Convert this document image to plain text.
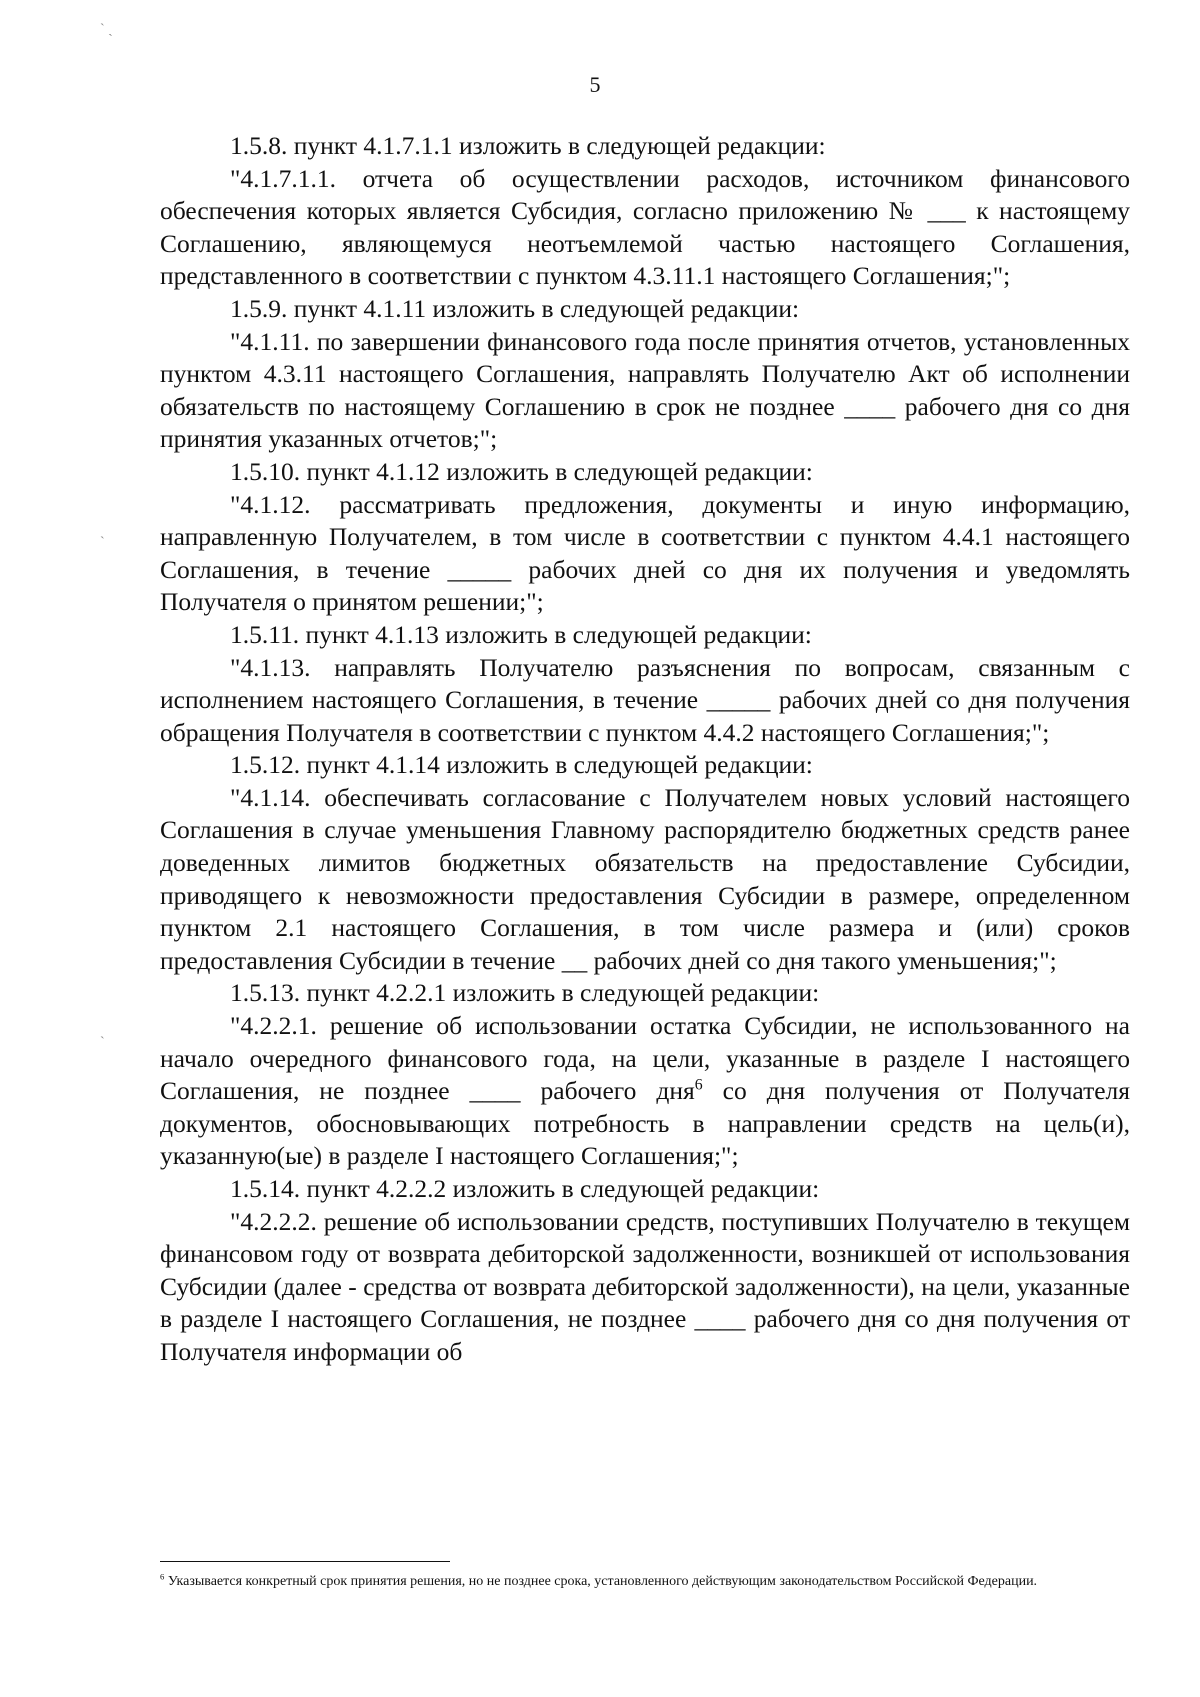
5

1.5.8. пункт 4.1.7.1.1 изложить в следующей редакции:

"4.1.7.1.1. отчета об осуществлении расходов, источником финансового обеспечения которых является Субсидия, согласно приложению № ___ к настоящему Соглашению, являющемуся неотъемлемой частью настоящего Соглашения, представленного в соответствии с пунктом 4.3.11.1 настоящего Соглашения;";

1.5.9. пункт 4.1.11 изложить в следующей редакции:

"4.1.11. по завершении финансового года после принятия отчетов, установленных пунктом 4.3.11 настоящего Соглашения, направлять Получателю Акт об исполнении обязательств по настоящему Соглашению в срок не позднее ____ рабочего дня со дня принятия указанных отчетов;";

1.5.10. пункт 4.1.12 изложить в следующей редакции:

"4.1.12. рассматривать предложения, документы и иную информацию, направленную Получателем, в том числе в соответствии с пунктом 4.4.1 настоящего Соглашения, в течение _____ рабочих дней со дня их получения и уведомлять Получателя о принятом решении;";

1.5.11. пункт 4.1.13 изложить в следующей редакции:

"4.1.13. направлять Получателю разъяснения по вопросам, связанным с исполнением настоящего Соглашения, в течение _____ рабочих дней со дня получения обращения Получателя в соответствии с пунктом 4.4.2 настоящего Соглашения;";

1.5.12. пункт 4.1.14 изложить в следующей редакции:

"4.1.14. обеспечивать согласование с Получателем новых условий настоящего Соглашения в случае уменьшения Главному распорядителю бюджетных средств ранее доведенных лимитов бюджетных обязательств на предоставление Субсидии, приводящего к невозможности предоставления Субсидии в размере, определенном пунктом 2.1 настоящего Соглашения, в том числе размера и (или) сроков предоставления Субсидии в течение __ рабочих дней со дня такого уменьшения;";

1.5.13. пункт 4.2.2.1 изложить в следующей редакции:

"4.2.2.1. решение об использовании остатка Субсидии, не использованного на начало очередного финансового года, на цели, указанные в разделе I настоящего Соглашения, не позднее ____ рабочего дня$^6$ со дня получения от Получателя документов, обосновывающих потребность в направлении средств на цель(и), указанную(ые) в разделе I настоящего Соглашения;";

1.5.14. пункт 4.2.2.2 изложить в следующей редакции:

"4.2.2.2. решение об использовании средств, поступивших Получателю в текущем финансовом году от возврата дебиторской задолженности, возникшей от использования Субсидии (далее - средства от возврата дебиторской задолженности), на цели, указанные в разделе I настоящего Соглашения, не позднее ____ рабочего дня со дня получения от Получателя информации об

$^6$ Указывается конкретный срок принятия решения, но не позднее срока, установленного действующим законодательством Российской Федерации.
ˋ ˎ
ˋ
ˋ
